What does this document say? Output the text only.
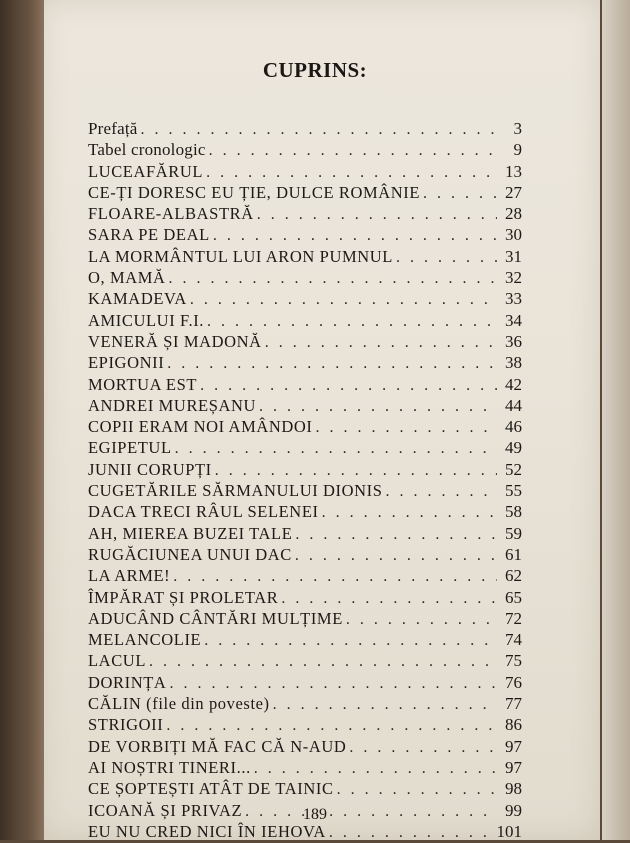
CUPRINS:
Prefață . . .	3
Tabel cronologic . . .	9
LUCEAFĂRUL . . .	13
CE-ȚI DORESC EU ȚIE, DULCE ROMÂNIE . . .	27
FLOARE-ALBASTRĂ . . .	28
SARA PE DEAL . . .	30
LA MORMÂNTUL LUI ARON PUMNUL . . .	31
O, MAMĂ . . .	32
KAMADEVA . . .	33
AMICULUI F.I. . . .	34
VENERĂ ȘI MADONĂ . . .	36
EPIGONII . . .	38
MORTUA EST . . .	42
ANDREI MUREȘANU . . .	44
COPII ERAM NOI AMÂNDOI . . .	46
EGIPETUL . . .	49
JUNII CORUPȚI . . .	52
CUGETĂRILE SĂRMANULUI DIONIS . . .	55
DACA TRECI RÂUL SELENEI . . .	58
AH, MIEREA BUZEI TALE . . .	59
RUGĂCIUNEA UNUI DAC . . .	61
LA ARME! . . .	62
ÎMPĂRAT ȘI PROLETAR . . .	65
ADUCÂND CÂNTĂRI MULȚIME . . .	72
MELANCOLIE . . .	74
LACUL . . .	75
DORINȚA . . .	76
CĂLIN (file din poveste) . . .	77
STRIGOII . . .	86
DE VORBIȚI MĂ FAC CĂ N-AUD . . .	97
AI NOȘTRI TINERI... . . .	97
CE ȘOPTEȘTI ATÂT DE TAINIC . . .	98
ICOANĂ ȘI PRIVAZ . . .	99
EU NU CRED NICI ÎN IEHOVA . . .	101
189
